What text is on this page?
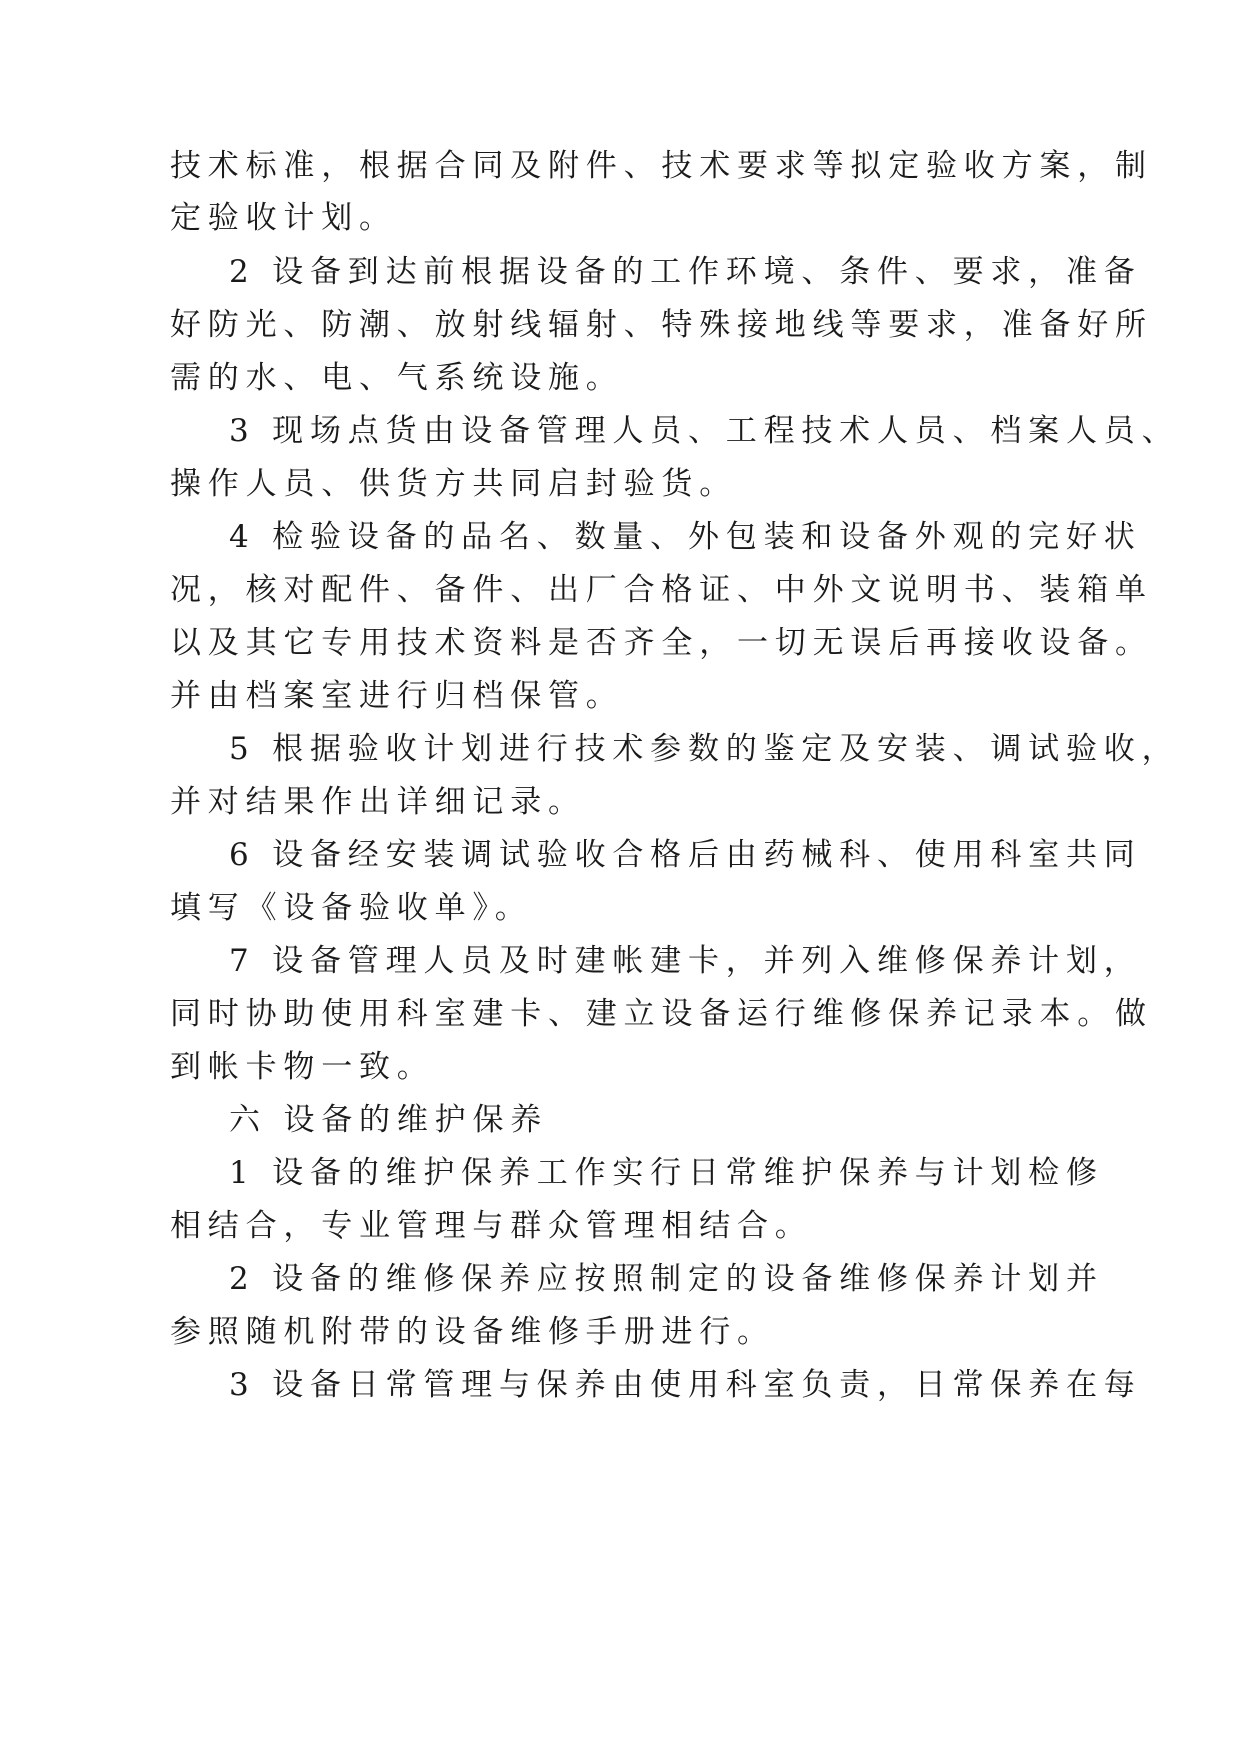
技术标准，根据合同及附件、技术要求等拟定验收方案，制
定验收计划。
2 设备到达前根据设备的工作环境、条件、要求，准备
好防光、防潮、放射线辐射、特殊接地线等要求，准备好所
需的水、电、气系统设施。
3 现场点货由设备管理人员、工程技术人员、档案人员、
操作人员、供货方共同启封验货。
4 检验设备的品名、数量、外包装和设备外观的完好状
况，核对配件、备件、出厂合格证、中外文说明书、装箱单
以及其它专用技术资料是否齐全，一切无误后再接收设备。
并由档案室进行归档保管。
5 根据验收计划进行技术参数的鉴定及安装、调试验收，
并对结果作出详细记录。
6 设备经安装调试验收合格后由药械科、使用科室共同
填写《设备验收单》。
7 设备管理人员及时建帐建卡，并列入维修保养计划，
同时协助使用科室建卡、建立设备运行维修保养记录本。做
到帐卡物一致。
六 设备的维护保养
1 设备的维护保养工作实行日常维护保养与计划检修
相结合，专业管理与群众管理相结合。
2 设备的维修保养应按照制定的设备维修保养计划并
参照随机附带的设备维修手册进行。
3 设备日常管理与保养由使用科室负责，日常保养在每
